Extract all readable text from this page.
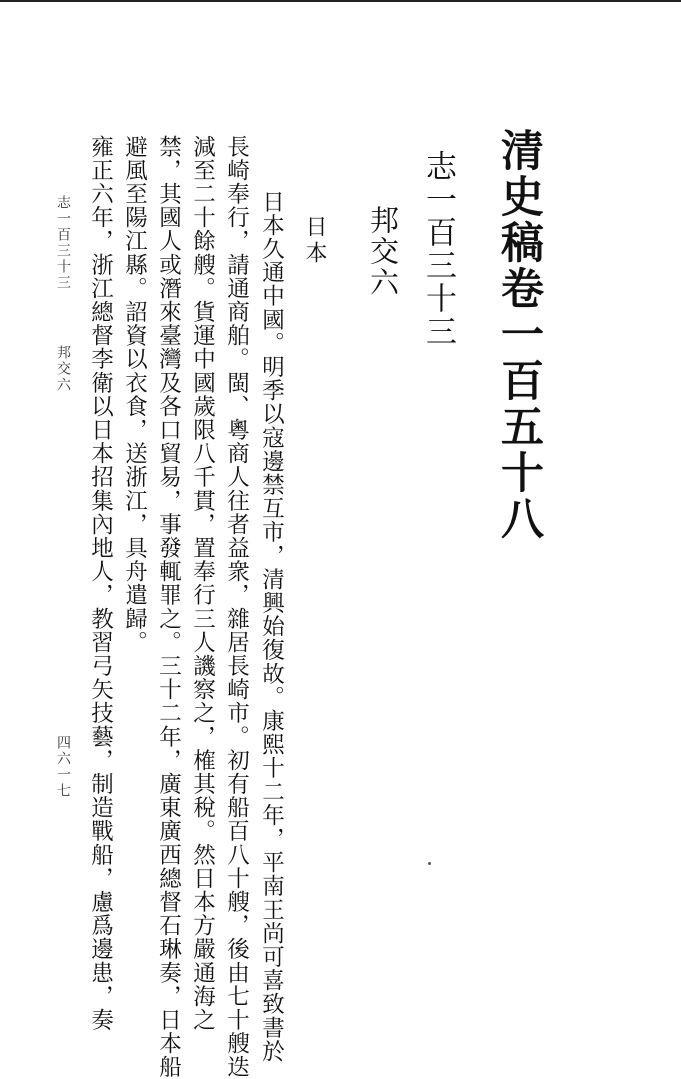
清史稿卷一百五十八
志一百三十三
邦交六
日本
日本久通中國。明季以寇邊禁互市，清興始復故。康熙十二年，平南王尚可喜致書於
長崎奉行，請通商舶。閩、粵商人往者益衆，雜居長崎市。初有船百八十艘，後由七十艘迭
減至二十餘艘。貨運中國歲限八千貫，置奉行三人譏察之，榷其稅。然日本方嚴通海之
禁，其國人或潛來臺灣及各口貿易，事發輒罪之。三十二年，廣東廣西總督石琳奏，日本船
避風至陽江縣。詔資以衣食，送浙江，具舟遣歸。
雍正六年，浙江總督李衛以日本招集內地人，教習弓矢技藝，制造戰船，慮爲邊患，奏
志一百三十三
邦交六
四六一七
